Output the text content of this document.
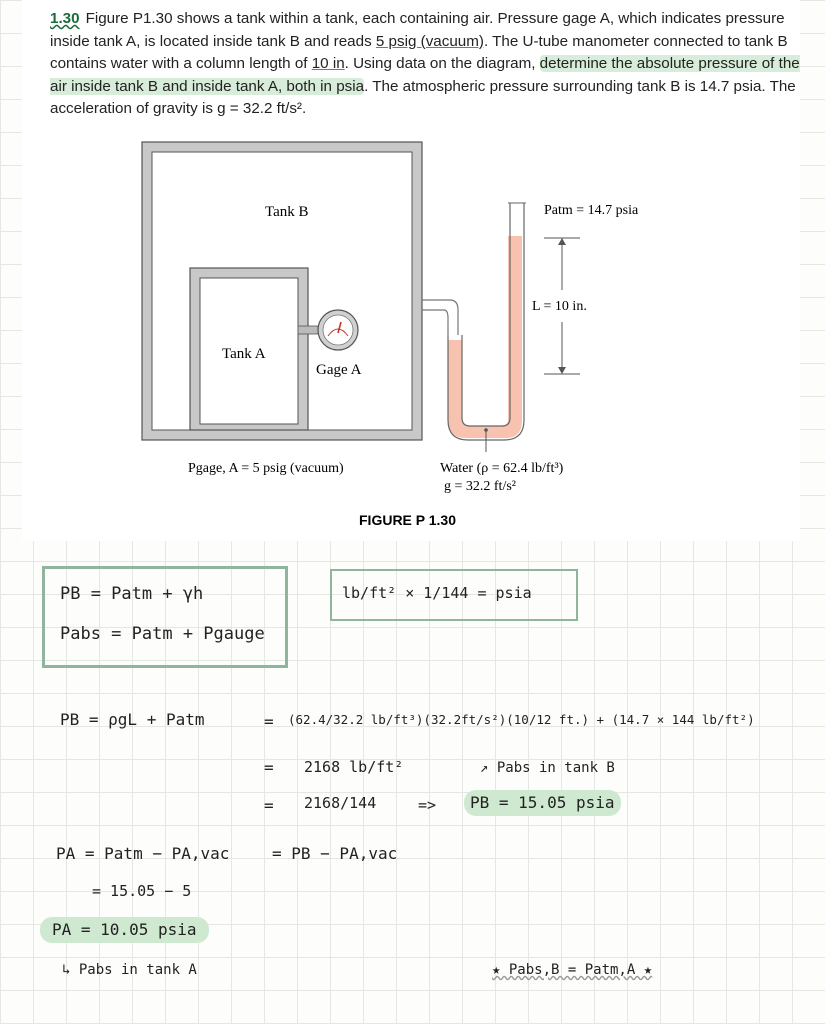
1.30 Figure P1.30 shows a tank within a tank, each containing air. Pressure gage A, which indicates pressure inside tank A, is located inside tank B and reads 5 psig (vacuum). The U-tube manometer connected to tank B contains water with a column length of 10 in. Using data on the diagram, determine the absolute pressure of the air inside tank B and inside tank A, both in psia. The atmospheric pressure surrounding tank B is 14.7 psia. The acceleration of gravity is g = 32.2 ft/s².
Tank B
Tank A
Gage A
Patm = 14.7 psia
L = 10 in.
Pgage, A = 5 psig (vacuum)	Water (ρ = 62.4 lb/ft³)
g = 32.2 ft/s²
FIGURE P 1.30
PB = Patm + γh
Pabs = Patm + Pgauge
lb/ft² × 1/144 = psia
PB = ρgL + Patm	= (62.4/32.2 lb/ft³)(32.2ft/s²)(10/12 ft.) + (14.7 × 144 lb/ft²)
= 2168 lb/ft²	↗ Pabs in tank B
= 2168/144	=>	PB = 15.05 psia
PA = Patm − PA,vac	= PB − PA,vac
= 15.05 − 5
PA = 10.05 psia
↳ Pabs in tank A	★ Pabs,B = Patm,A ★
